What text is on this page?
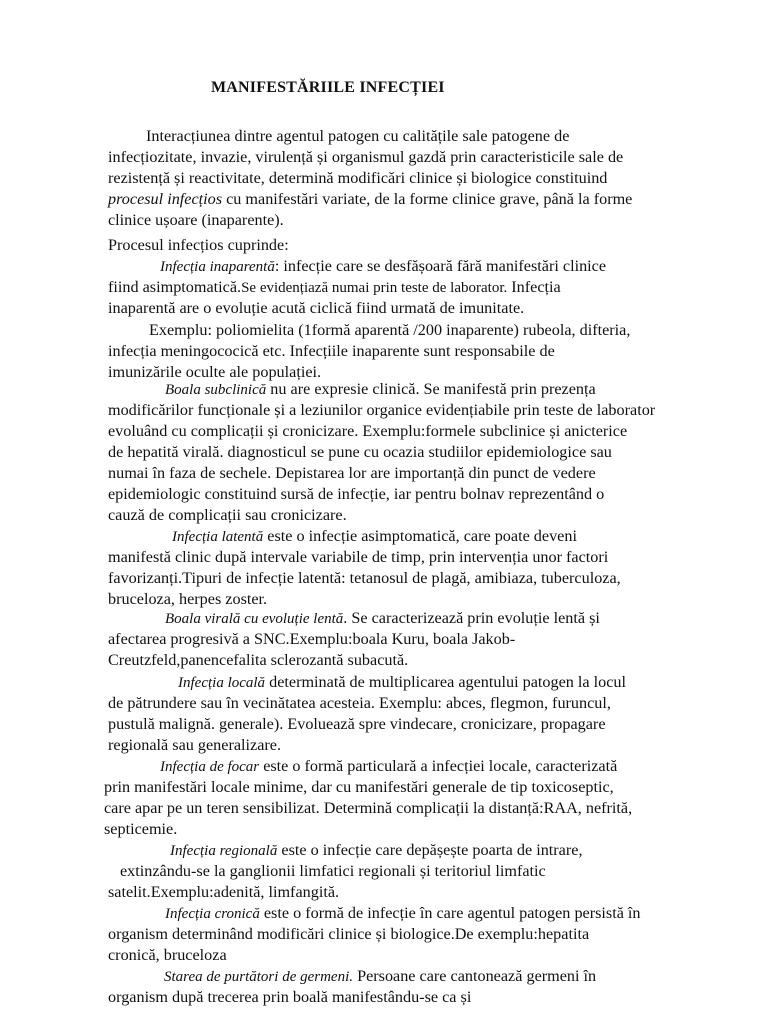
MANIFESTĂRIILE INFECȚIEI
Interacțiunea dintre agentul patogen cu calitățile sale patogene de
infecțiozitate, invazie, virulență și organismul gazdă prin caracteristicile sale de
rezistență și reactivitate, determină modificări clinice și biologice constituind
procesul infecțios cu manifestări variate, de la forme clinice grave, până la forme
clinice ușoare (inaparente).
Procesul infecțios cuprinde:
Infecția inaparentă: infecție care se desfășoară fără manifestări clinice
fiind asimptomatică.Se evidențiază numai prin teste de laborator. Infecția
inaparentă are o evoluție acută ciclică fiind urmată de imunitate.
Exemplu: poliomielita (1formă aparentă /200 inaparente) rubeola, difteria,
infecția meningococică etc. Infecțiile inaparente sunt responsabile de
imunizările oculte ale populației.
Boala subclinică nu are expresie clinică. Se manifestă prin prezența
modificărilor funcționale și a leziunilor organice evidențiabile prin teste de laborator
evoluând cu complicații și cronicizare. Exemplu:formele subclinice și anicterice
de hepatită virală. diagnosticul se pune cu ocazia studiilor epidemiologice sau
numai în faza de sechele. Depistarea lor are importanță din punct de vedere
epidemiologic constituind sursă de infecție, iar pentru bolnav reprezentând o
cauză de complicații sau cronicizare.
Infecția latentă este o infecție asimptomatică, care poate deveni
manifestă clinic după intervale variabile de timp, prin intervenția unor factori
favorizanți.Tipuri de infecție latentă: tetanosul de plagă, amibiaza, tuberculoza,
bruceloza, herpes zoster.
Boala virală cu evoluție lentă. Se caracterizează prin evoluție lentă și
afectarea progresivă a SNC.Exemplu:boala Kuru, boala Jakob-
Creutzfeld,panencefalita sclerozantă subacută.
Infecția locală determinată de multiplicarea agentului patogen la locul
de pătrundere sau în vecinătatea acesteia. Exemplu: abces, flegmon, furuncul,
pustulă malignă. generale). Evoluează spre vindecare, cronicizare, propagare
regională sau generalizare.
Infecția de focar este o formă particulară a infecției locale, caracterizată
prin manifestări locale minime, dar cu manifestări generale de tip toxicoseptic,
care apar pe un teren sensibilizat. Determină complicații la distanță:RAA, nefrită,
septicemie.
Infecția regională este o infecție care depășește poarta de intrare,
extinzându-se la ganglionii limfatici regionali și teritoriul limfatic
satelit.Exemplu:adenită, limfangită.
Infecția cronică este o formă de infecție în care agentul patogen persistă în
organism determinând modificări clinice și biologice.De exemplu:hepatita
cronică, bruceloza
Starea de purtători de germeni. Persoane care cantonează germeni în
organism după trecerea prin boală manifestându-se ca și
